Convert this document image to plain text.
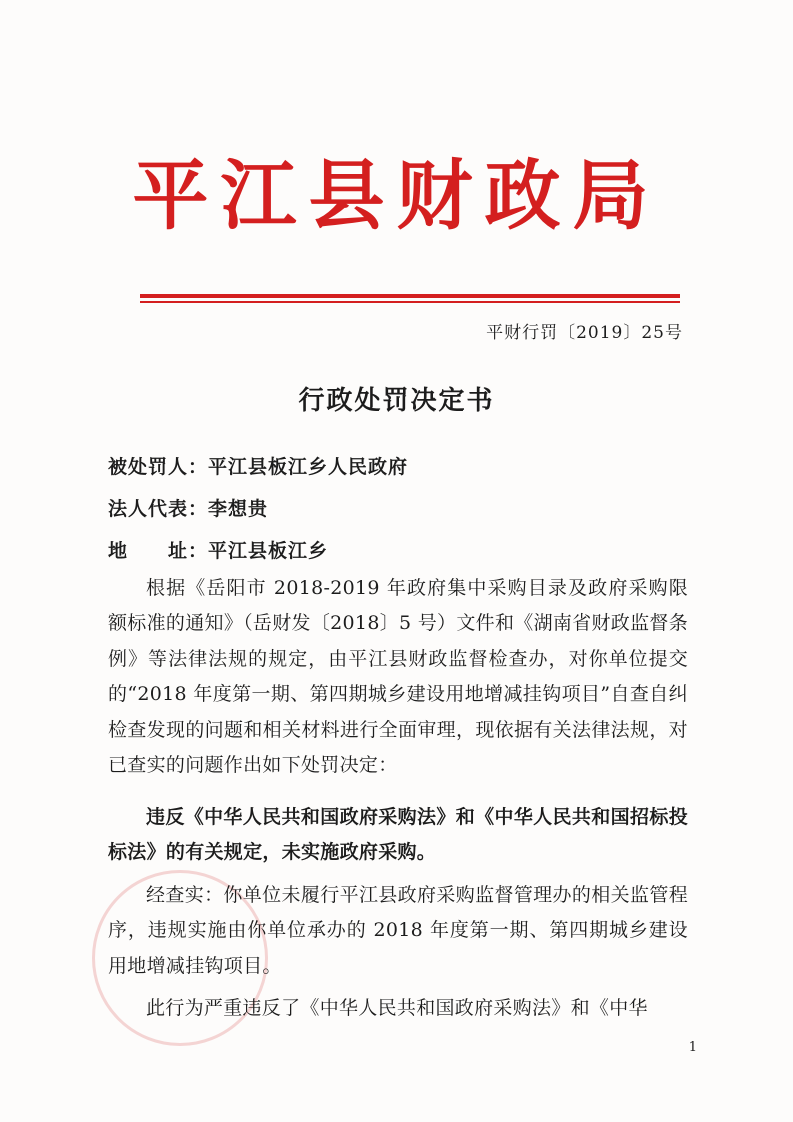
平江县财政局
平财行罚〔2019〕25号
行政处罚决定书
被处罚人：平江县板江乡人民政府
法人代表：李想贵
地　　址：平江县板江乡

根据《岳阳市 2018-2019 年政府集中采购目录及政府采购限额标准的通知》（岳财发〔2018〕5 号）文件和《湖南省财政监督条例》等法律法规的规定，由平江县财政监督检查办，对你单位提交的“2018 年度第一期、第四期城乡建设用地增减挂钩项目”自查自纠检查发现的问题和相关材料进行全面审理，现依据有关法律法规，对已查实的问题作出如下处罚决定：

违反《中华人民共和国政府采购法》和《中华人民共和国招标投标法》的有关规定，未实施政府采购。

经查实：你单位未履行平江县政府采购监督管理办的相关监管程序，违规实施由你单位承办的 2018 年度第一期、第四期城乡建设用地增减挂钩项目。

此行为严重违反了《中华人民共和国政府采购法》和《中华

1
